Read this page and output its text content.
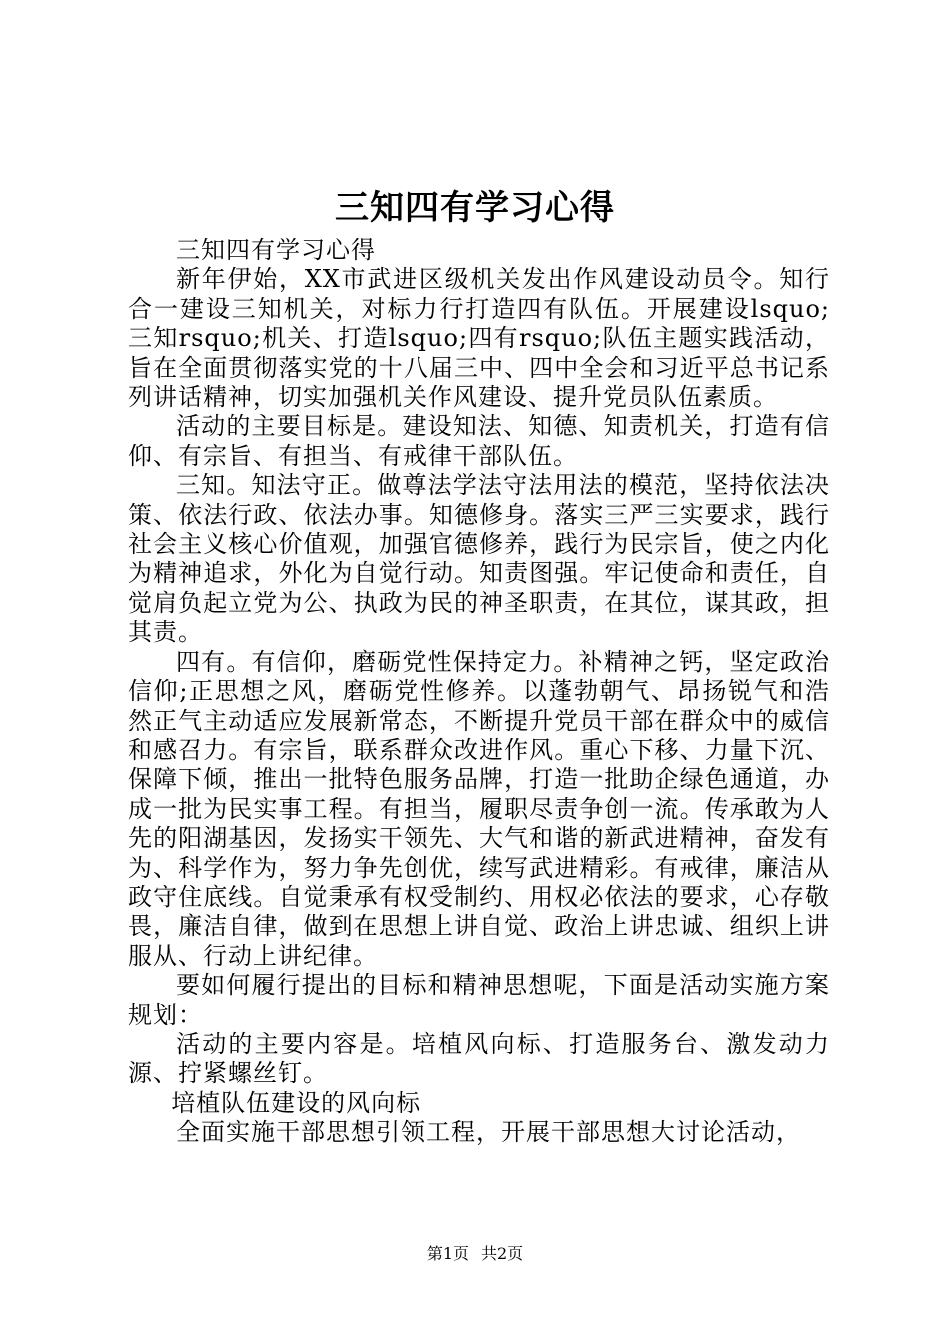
三知四有学习心得

三知四有学习心得

新年伊始，XX市武进区级机关发出作风建设动员令。知行合一建设三知机关，对标力行打造四有队伍。开展建设lsquo;三知rsquo;机关、打造lsquo;四有rsquo;队伍主题实践活动，旨在全面贯彻落实党的十八届三中、四中全会和习近平总书记系列讲话精神，切实加强机关作风建设、提升党员队伍素质。

活动的主要目标是。建设知法、知德、知责机关，打造有信仰、有宗旨、有担当、有戒律干部队伍。

三知。知法守正。做尊法学法守法用法的模范，坚持依法决策、依法行政、依法办事。知德修身。落实三严三实要求，践行社会主义核心价值观，加强官德修养，践行为民宗旨，使之内化为精神追求，外化为自觉行动。知责图强。牢记使命和责任，自觉肩负起立党为公、执政为民的神圣职责，在其位，谋其政，担其责。

四有。有信仰，磨砺党性保持定力。补精神之钙，坚定政治信仰;正思想之风，磨砺党性修养。以蓬勃朝气、昂扬锐气和浩然正气主动适应发展新常态，不断提升党员干部在群众中的威信和感召力。有宗旨，联系群众改进作风。重心下移、力量下沉、保障下倾，推出一批特色服务品牌，打造一批助企绿色通道，办成一批为民实事工程。有担当，履职尽责争创一流。传承敢为人先的阳湖基因，发扬实干领先、大气和谐的新武进精神，奋发有为、科学作为，努力争先创优，续写武进精彩。有戒律，廉洁从政守住底线。自觉秉承有权受制约、用权必依法的要求，心存敬畏，廉洁自律，做到在思想上讲自觉、政治上讲忠诚、组织上讲服从、行动上讲纪律。

要如何履行提出的目标和精神思想呢，下面是活动实施方案规划：

活动的主要内容是。培植风向标、打造服务台、激发动力源、拧紧螺丝钉。

培植队伍建设的风向标

全面实施干部思想引领工程，开展干部思想大讨论活动，

第1页 共2页
